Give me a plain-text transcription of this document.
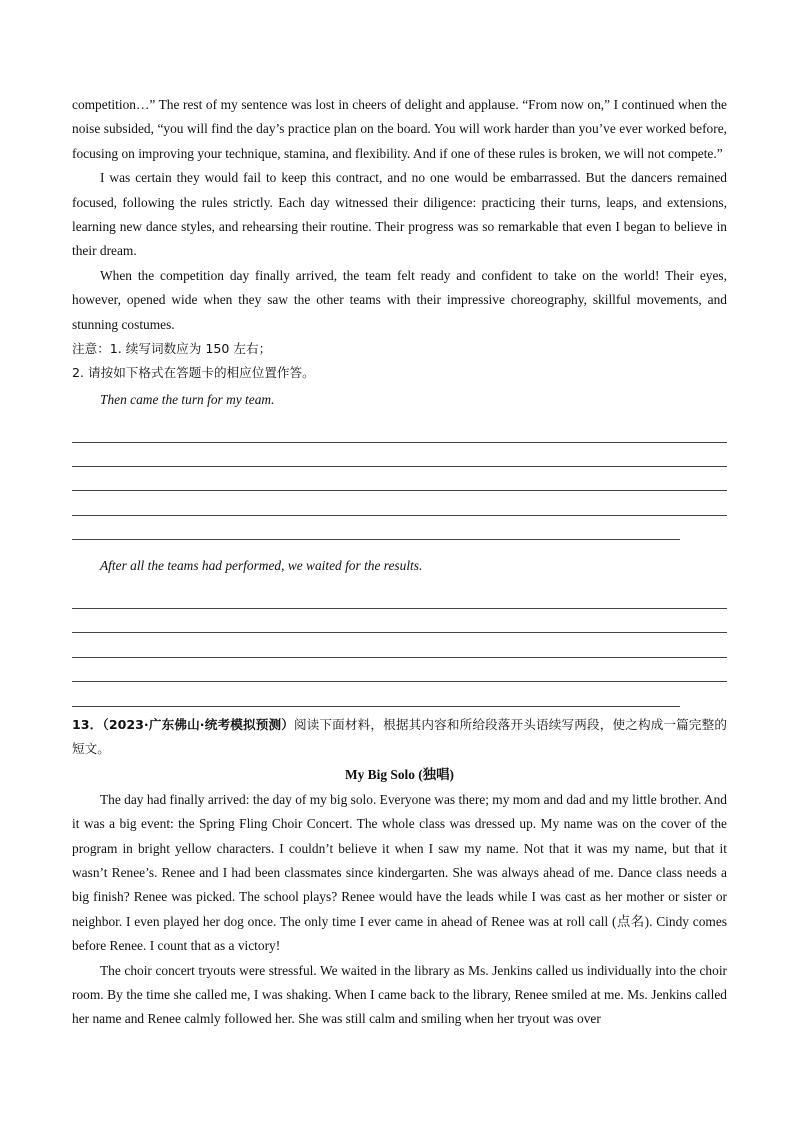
competition…” The rest of my sentence was lost in cheers of delight and applause. “From now on,” I continued when the noise subsided, “you will find the day’s practice plan on the board. You will work harder than you’ve ever worked before, focusing on improving your technique, stamina, and flexibility. And if one of these rules is broken, we will not compete.”

I was certain they would fail to keep this contract, and no one would be embarrassed. But the dancers remained focused, following the rules strictly. Each day witnessed their diligence: practicing their turns, leaps, and extensions, learning new dance styles, and rehearsing their routine. Their progress was so remarkable that even I began to believe in their dream.

When the competition day finally arrived, the team felt ready and confident to take on the world! Their eyes, however, opened wide when they saw the other teams with their impressive choreography, skillful movements, and stunning costumes.

注意：1. 续写词数应为 150 左右；

2. 请按如下格式在答题卡的相应位置作答。

Then came the turn for my team.

After all the teams had performed, we waited for the results.

13．（2023·广东佛山·统考模拟预测）阅读下面材料，根据其内容和所给段落开头语续写两段，使之构成一篇完整的短文。

My Big Solo (独唱)

The day had finally arrived: the day of my big solo. Everyone was there; my mom and dad and my little brother. And it was a big event: the Spring Fling Choir Concert. The whole class was dressed up. My name was on the cover of the program in bright yellow characters. I couldn’t believe it when I saw my name. Not that it was my name, but that it wasn’t Renee’s. Renee and I had been classmates since kindergarten. She was always ahead of me. Dance class needs a big finish? Renee was picked. The school plays? Renee would have the leads while I was cast as her mother or sister or neighbor. I even played her dog once. The only time I ever came in ahead of Renee was at roll call (点名). Cindy comes before Renee. I count that as a victory!

The choir concert tryouts were stressful. We waited in the library as Ms. Jenkins called us individually into the choir room. By the time she called me, I was shaking. When I came back to the library, Renee smiled at me. Ms. Jenkins called her name and Renee calmly followed her. She was still calm and smiling when her tryout was over
